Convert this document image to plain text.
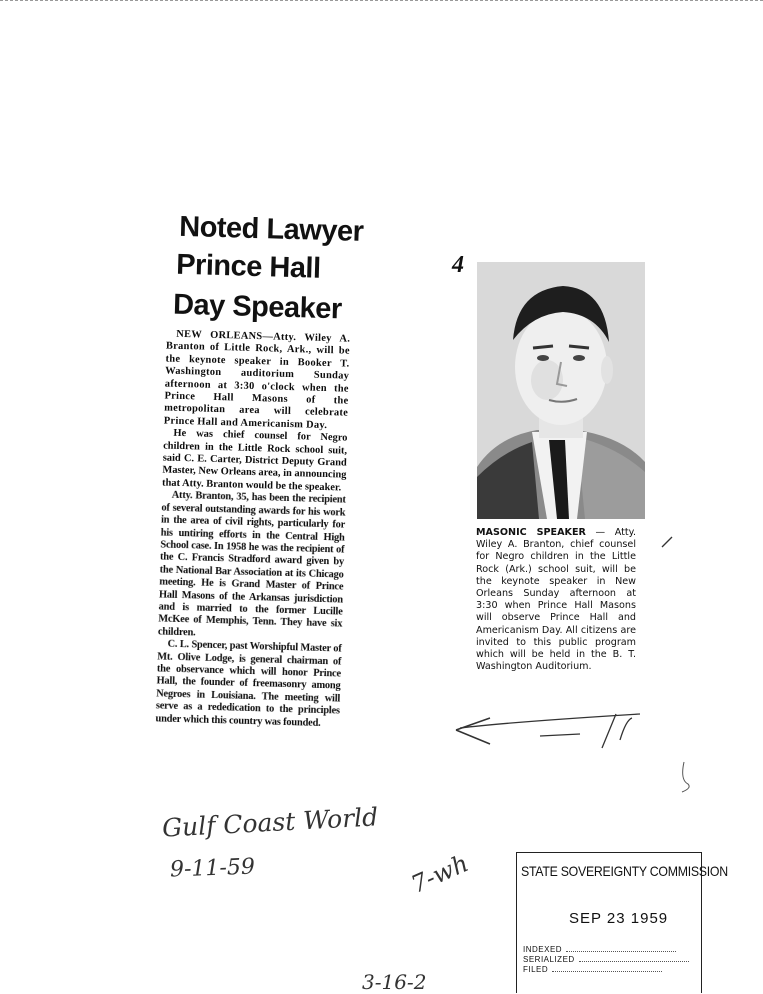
Noted Lawyer
Prince Hall
Day Speaker

NEW ORLEANS—Atty. Wiley A. Branton of Little Rock, Ark., will be the keynote speaker in Booker T. Washington auditorium Sunday afternoon at 3:30 o'clock when the Prince Hall Masons of the metropolitan area will celebrate Prince Hall and Americanism Day.

He was chief counsel for Negro children in the Little Rock school suit, said C. E. Carter, District Deputy Grand Master, New Orleans area, in announcing that Atty. Branton would be the speaker.

Atty. Branton, 35, has been the recipient of several outstanding awards for his work in the area of civil rights, particularly for his untiring efforts in the Central High School case. In 1958 he was the recipient of the C. Francis Stradford award given by the National Bar Association at its Chicago meeting. He is Grand Master of Prince Hall Masons of the Arkansas jurisdiction and is married to the former Lucille McKee of Memphis, Tenn. They have six children.

C. L. Spencer, past Worshipful Master of Mt. Olive Lodge, is general chairman of the observance which will honor Prince Hall, the founder of freemasonry among Negroes in Louisiana. The meeting will serve as a rededication to the principles under which this country was founded.

4
MASONIC SPEAKER — Atty. Wiley A. Branton, chief counsel for Negro children in the Little Rock (Ark.) school suit, will be the keynote speaker in New Orleans Sunday afternoon at 3:30 when Prince Hall Masons will observe Prince Hall and Americanism Day. All citizens are invited to this public program which will be held in the B. T. Washington Auditorium.
Gulf Coast World
9-11-59	7-wh
3-16-2
STATE SOVEREIGNTY COMMISSION
SEP 23 1959
INDEXED
SERIALIZED
FILED
